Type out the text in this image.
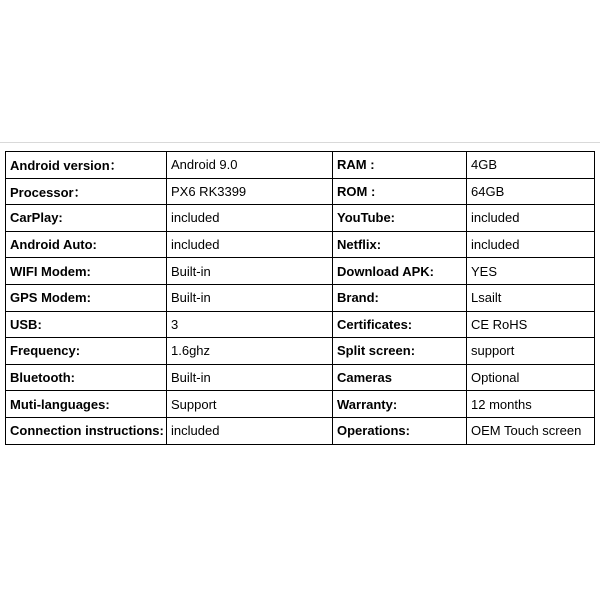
Android version：	Android 9.0	RAM :	4GB
Processor：	PX6 RK3399	ROM :	64GB
CarPlay:	included	YouTube:	included
Android Auto:	included	Netflix:	included
WIFI Modem:	Built-in	Download APK:	YES
GPS Modem:	Built-in	Brand:	Lsailt
USB:	3	Certificates:	CE RoHS
Frequency:	1.6ghz	Split screen:	support
Bluetooth:	Built-in	Cameras	Optional
Muti-languages:	Support	Warranty:	12 months
Connection instructions:	included	Operations:	OEM Touch screen
